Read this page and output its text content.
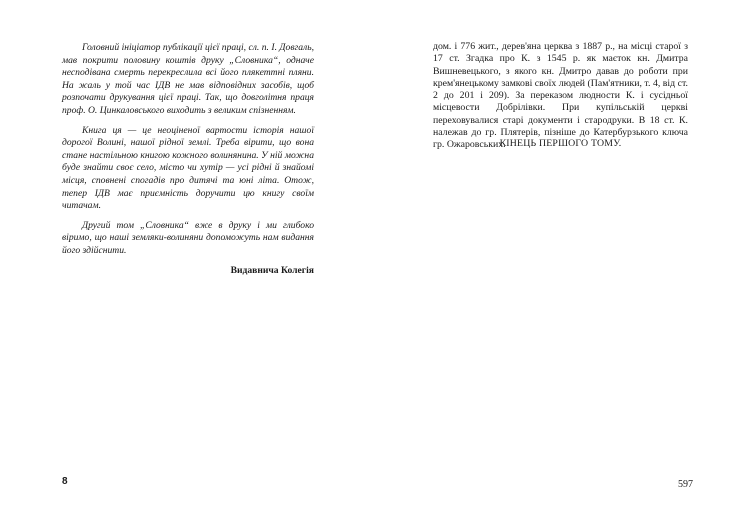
Головний ініціатор публікації цієї праці, сл. п. І. Довгаль, мав покрити половину коштів друку „Словника“, одначе несподівана смерть перекреслила всі його плякеттні пляни. На жаль у той час ІДВ не мав відповідних засобів, щоб розпочати друкування цієї праці. Так, що довголітня праця проф. О. Цинкаловського виходить з великим спізненням.

Книга ця — це неоціненої вартости історія нашої дорогої Волині, нашої рідної землі. Треба вірити, що вона стане настільною книгою кожного волинянина. У ній можна буде знайти своє село, місто чи хутір — усі рідні й знайомі місця, сповнені спогадів про дитячі та юні літа. Отож, тепер ІДВ має приємність доручити цю книгу своїм читачам.

Другий том „Словника“ вже в друку і ми глибоко віримо, що наші земляки-волиняни допоможуть нам видання його здійснити.

Видавнича Колегія
8

дом. і 776 жит., дерев'яна церква з 1887 р., на місці старої з 17 ст. Згадка про К. з 1545 р. як маєток кн. Дмитра Вишневецького, з якого кн. Дмитро давав до роботи при крем'янецькому замкові своїх людей (Пам'ятники, т. 4, від ст. 2 до 201 і 209). За переказом людности К. і сусідньої місцевости Добрілівки. При купільській церкві переховувалися старі документи і стародруки. В 18 ст. К. належав до гр. Плятерів, пізніше до Катербурзького ключа гр. Ожаровських.

КІНЕЦЬ ПЕРШОГО ТОМУ.
597
